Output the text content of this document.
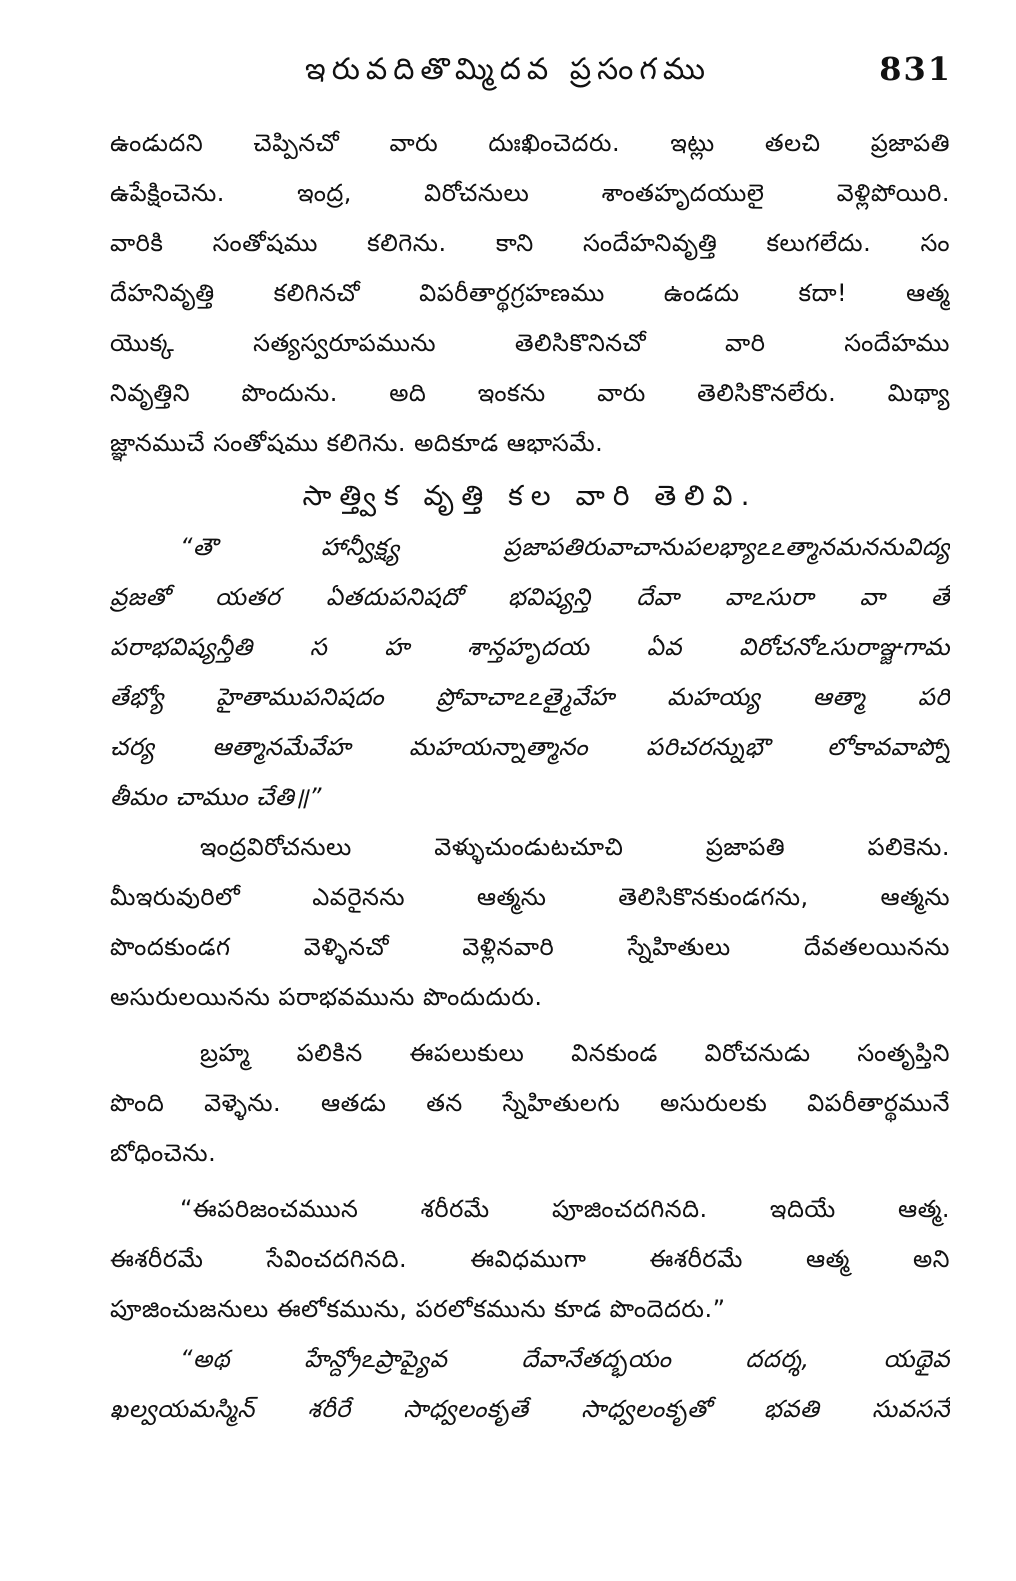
ఇరువదితొమ్మిదవ ప్రసంగము	831
ఉండుదని చెప్పినచో వారు దుఃఖించెదరు. ఇట్లు తలచి ప్రజాపతి
ఉపేక్షించెను. ఇంద్ర, విరోచనులు శాంతహృదయులై వెళ్లిపోయిరి.
వారికి సంతోషము కలిగెను. కాని సందేహనివృత్తి కలుగలేదు. సం
దేహనివృత్తి కలిగినచో విపరీతార్థగ్రహణము ఉండదు కదా! ఆత్మ
యొక్క సత్యస్వరూపమును తెలిసికొనినచో వారి సందేహము
నివృత్తిని పొందును. అది ఇంకను వారు తెలిసికొనలేరు. మిథ్యా
జ్ఞానముచే సంతోషము కలిగెను. అదికూడ ఆభాసమే.
సాత్త్విక వృత్తి కల వారి తెలివి.
“తౌ హాన్వీక్ష్య ప్రజాపతిరువాచానుపలభ్యాఽఽత్మానమననువిద్య
వ్రజతో యతర ఏతదుపనిషదో భవిష్యన్తి దేవా వాఽసురా వా తే
పరాభవిష్యన్తీతి స హ శాన్తహృదయ ఏవ విరోచనోఽసురాఞ్జగామ
తేభ్యో హైతాముపనిషదం ప్రోవాచాఽఽత్మైవేహ మహయ్య ఆత్మా పరి
చర్య ఆత్మానమేవేహ మహయన్నాత్మానం పరిచరన్నుభౌ లోకావవాప్నో
తీమం చాముం చేతి॥”
ఇంద్రవిరోచనులు వెళ్ళుచుండుటచూచి ప్రజాపతి పలికెను.
మీఇరువురిలో ఎవరైనను ఆత్మను తెలిసికొనకుండగను, ఆత్మను
పొందకుండగ వెళ్ళినచో వెళ్లినవారి స్నేహితులు దేవతలయినను
అసురులయినను పరాభవమును పొందుదురు.
బ్రహ్మ పలికిన ఈపలుకులు వినకుండ విరోచనుడు సంతృప్తిని
పొంది వెళ్ళెను. ఆతడు తన స్నేహితులగు అసురులకు విపరీతార్థమునే
బోధించెను.
“ఈపరిజంచముున శరీరమే పూజించదగినది. ఇదియే ఆత్మ.
ఈశరీరమే సేవించదగినది. ఈవిధముగా ఈశరీరమే ఆత్మ అని
పూజించుజనులు ఈలోకమును, పరలోకమును కూడ పొందెదరు.”
“అథ హేన్ద్రోఽప్రాప్యైవ దేవానేతద్భయం దదర్శ, యథైవ
ఖల్వయమస్మిన్ శరీరే సాధ్వలంకృతే సాధ్వలంకృతో భవతి సువసనే
